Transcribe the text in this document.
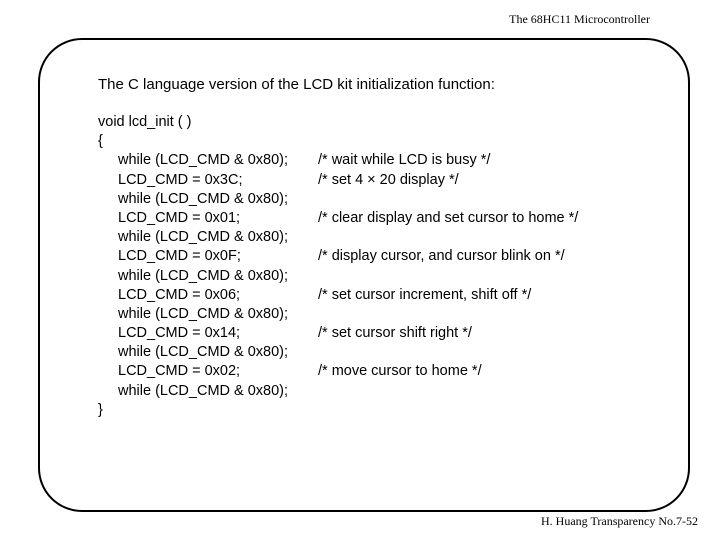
The 68HC11 Microcontroller
The C language version of the LCD kit initialization function:
void lcd_init ( )
{
while (LCD_CMD & 0x80);	/* wait while LCD is busy */
LCD_CMD = 0x3C;	/* set 4 × 20 display */
while (LCD_CMD & 0x80);
LCD_CMD = 0x01;	/* clear display and set cursor to home */
while (LCD_CMD & 0x80);
LCD_CMD = 0x0F;	/* display cursor, and cursor blink on */
while (LCD_CMD & 0x80);
LCD_CMD = 0x06;	/* set cursor increment, shift off */
while (LCD_CMD & 0x80);
LCD_CMD = 0x14;	/* set cursor shift right */
while (LCD_CMD & 0x80);
LCD_CMD = 0x02;	/* move cursor to home */
while (LCD_CMD & 0x80);
}
H. Huang Transparency No.7-52
